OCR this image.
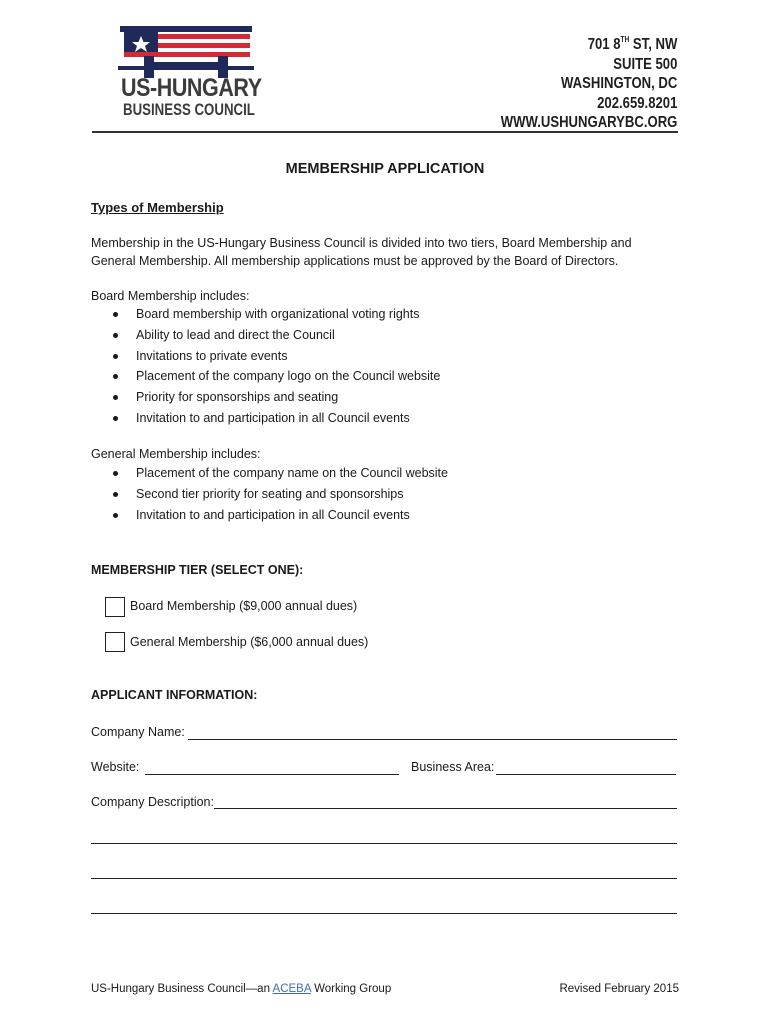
US-HUNGARY
BUSINESS COUNCIL
701 8TH ST, NW
SUITE 500
WASHINGTON, DC
202.659.8201
WWW.USHUNGARYBC.ORG
MEMBERSHIP APPLICATION
Types of Membership

Membership in the US-Hungary Business Council is divided into two tiers, Board Membership and

General Membership. All membership applications must be approved by the Board of Directors.

Board Membership includes:
Board membership with organizational voting rights
Ability to lead and direct the Council
Invitations to private events
Placement of the company logo on the Council website
Priority for sponsorships and seating
Invitation to and participation in all Council events
General Membership includes:
Placement of the company name on the Council website
Second tier priority for seating and sponsorships
Invitation to and participation in all Council events
MEMBERSHIP TIER (SELECT ONE):
Board Membership ($9,000 annual dues)
General Membership ($6,000 annual dues)
APPLICANT INFORMATION:
Company Name:
Website:	Business Area:
Company Description:
US-Hungary Business Council—an ACEBA Working Group	Revised February 2015
